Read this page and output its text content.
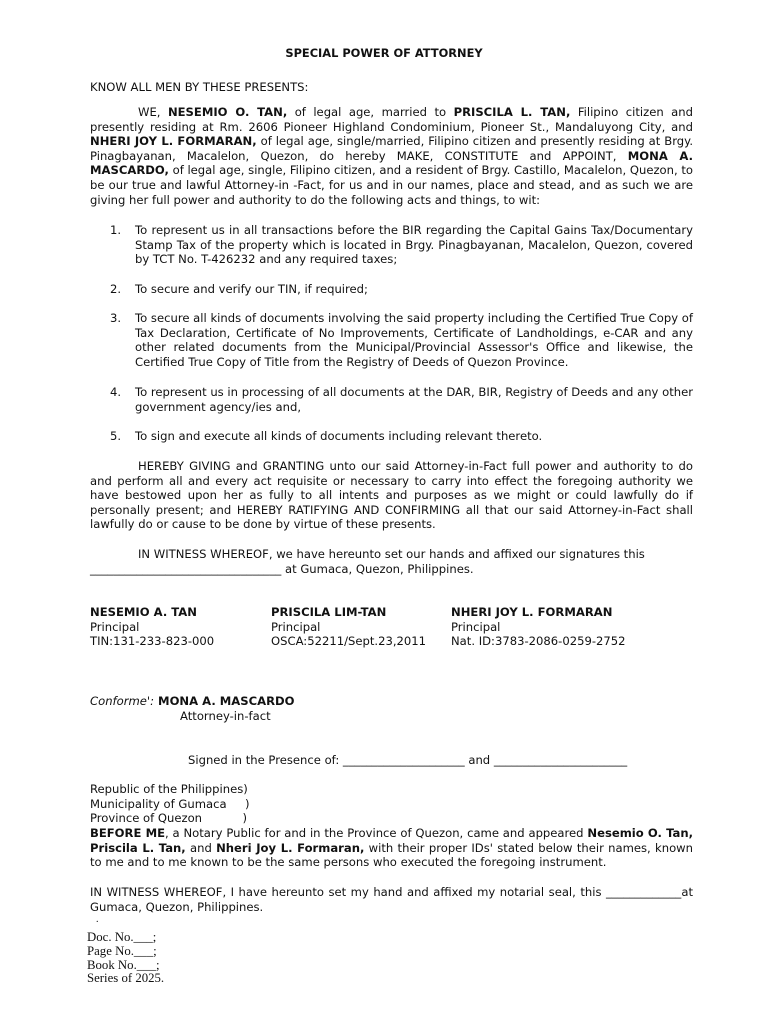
SPECIAL POWER OF ATTORNEY
KNOW ALL MEN BY THESE PRESENTS:
WE, NESEMIO O. TAN, of legal age, married to PRISCILA L. TAN, Filipino citizen and presently residing at Rm. 2606 Pioneer Highland Condominium, Pioneer St., Mandaluyong City, and NHERI JOY L. FORMARAN, of legal age, single/married, Filipino citizen and presently residing at Brgy. Pinagbayanan, Macalelon, Quezon, do hereby MAKE, CONSTITUTE and APPOINT, MONA A. MASCARDO, of legal age, single, Filipino citizen, and a resident of Brgy. Castillo, Macalelon, Quezon, to be our true and lawful Attorney-in -Fact, for us and in our names, place and stead, and as such we are giving her full power and authority to do the following acts and things, to wit:
1.	To represent us in all transactions before the BIR regarding the Capital Gains Tax/Documentary Stamp Tax of the property which is located in Brgy. Pinagbayanan, Macalelon, Quezon, covered by TCT No. T-426232 and any required taxes;
2.	To secure and verify our TIN, if required;
3.	To secure all kinds of documents involving the said property including the Certified True Copy of Tax Declaration, Certificate of No Improvements, Certificate of Landholdings, e-CAR and any other related documents from the Municipal/Provincial Assessor's Office and likewise, the Certified True Copy of Title from the Registry of Deeds of Quezon Province.
4.	To represent us in processing of all documents at the DAR, BIR, Registry of Deeds and any other government agency/ies and,
5.	To sign and execute all kinds of documents including relevant thereto.
HEREBY GIVING and GRANTING unto our said Attorney-in-Fact full power and authority to do and perform all and every act requisite or necessary to carry into effect the foregoing authority we have bestowed upon her as fully to all intents and purposes as we might or could lawfully do if personally present; and HEREBY RATIFYING AND CONFIRMING all that our said Attorney-in-Fact shall lawfully do or cause to be done by virtue of these presents.
IN WITNESS WHEREOF, we have hereunto set our hands and affixed our signatures this
_________________________________ at Gumaca, Quezon, Philippines.
NESEMIO A. TAN
Principal
TIN:131-233-823-000
PRISCILA LIM-TAN
Principal
OSCA:52211/Sept.23,2011
NHERI JOY L. FORMARAN
Principal
Nat. ID:3783-2086-0259-2752
Conforme': MONA A. MASCARDO
Attorney-in-fact
Signed in the Presence of: _____________________ and _______________________
Republic of the Philippines)
Municipality of Gumaca     )
Province of Quezon           )
BEFORE ME, a Notary Public for and in the Province of Quezon, came and appeared Nesemio O. Tan, Priscila L. Tan, and Nheri Joy L. Formaran, with their proper IDs' stated below their names, known to me and to me known to be the same persons who executed the foregoing instrument.
IN WITNESS WHEREOF, I have hereunto set my hand and affixed my notarial seal, this _____________at Gumaca, Quezon, Philippines.
.
Doc. No.___;
Page No.___;
Book No.___;
Series of 2025.
